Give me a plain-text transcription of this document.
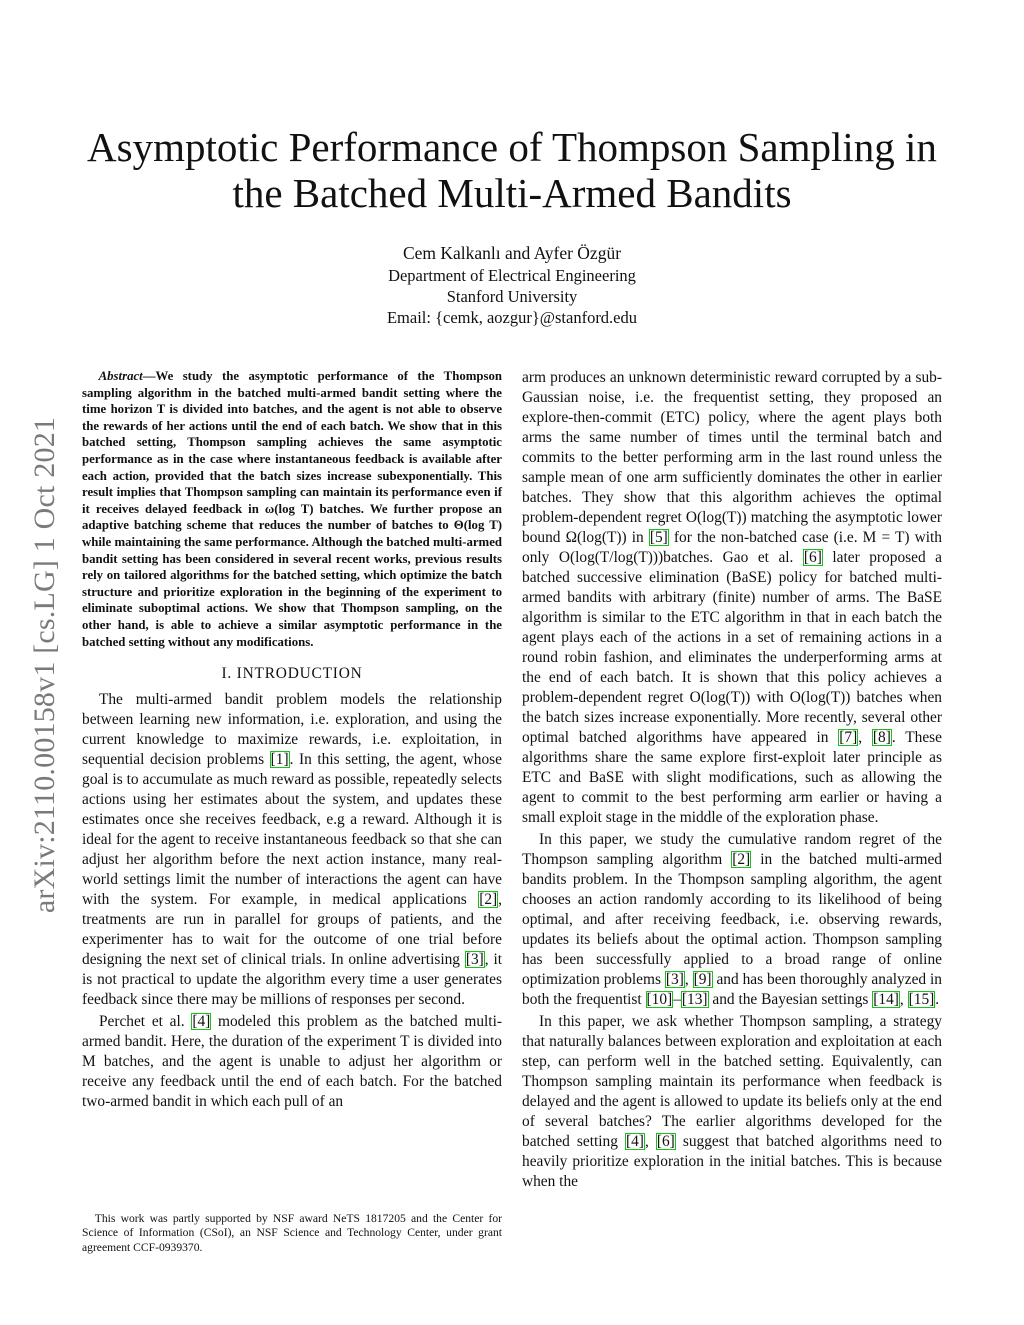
arXiv:2110.00158v1 [cs.LG] 1 Oct 2021
Asymptotic Performance of Thompson Sampling in the Batched Multi-Armed Bandits
Cem Kalkanlı and Ayfer Özgür
Department of Electrical Engineering
Stanford University
Email: {cemk, aozgur}@stanford.edu

Abstract—We study the asymptotic performance of the Thompson sampling algorithm in the batched multi-armed bandit setting where the time horizon T is divided into batches, and the agent is not able to observe the rewards of her actions until the end of each batch. We show that in this batched setting, Thompson sampling achieves the same asymptotic performance as in the case where instantaneous feedback is available after each action, provided that the batch sizes increase subexponentially. This result implies that Thompson sampling can maintain its performance even if it receives delayed feedback in ω(log T) batches. We further propose an adaptive batching scheme that reduces the number of batches to Θ(log T) while maintaining the same performance. Although the batched multi-armed bandit setting has been considered in several recent works, previous results rely on tailored algorithms for the batched setting, which optimize the batch structure and prioritize exploration in the beginning of the experiment to eliminate suboptimal actions. We show that Thompson sampling, on the other hand, is able to achieve a similar asymptotic performance in the batched setting without any modifications.

I. INTRODUCTION

The multi-armed bandit problem models the relationship between learning new information, i.e. exploration, and using the current knowledge to maximize rewards, i.e. exploitation, in sequential decision problems [1]. In this setting, the agent, whose goal is to accumulate as much reward as possible, repeatedly selects actions using her estimates about the system, and updates these estimates once she receives feedback, e.g a reward. Although it is ideal for the agent to receive instantaneous feedback so that she can adjust her algorithm before the next action instance, many real-world settings limit the number of interactions the agent can have with the system. For example, in medical applications [2], treatments are run in parallel for groups of patients, and the experimenter has to wait for the outcome of one trial before designing the next set of clinical trials. In online advertising [3], it is not practical to update the algorithm every time a user generates feedback since there may be millions of responses per second.

Perchet et al. [4] modeled this problem as the batched multi-armed bandit. Here, the duration of the experiment T is divided into M batches, and the agent is unable to adjust her algorithm or receive any feedback until the end of each batch. For the batched two-armed bandit in which each pull of an

arm produces an unknown deterministic reward corrupted by a sub-Gaussian noise, i.e. the frequentist setting, they proposed an explore-then-commit (ETC) policy, where the agent plays both arms the same number of times until the terminal batch and commits to the better performing arm in the last round unless the sample mean of one arm sufficiently dominates the other in earlier batches. They show that this algorithm achieves the optimal problem-dependent regret O(log(T)) matching the asymptotic lower bound Ω(log(T)) in [5] for the non-batched case (i.e. M = T) with only O(log(T/log(T)))batches. Gao et al. [6] later proposed a batched successive elimination (BaSE) policy for batched multi-armed bandits with arbitrary (finite) number of arms. The BaSE algorithm is similar to the ETC algorithm in that in each batch the agent plays each of the actions in a set of remaining actions in a round robin fashion, and eliminates the underperforming arms at the end of each batch. It is shown that this policy achieves a problem-dependent regret O(log(T)) with O(log(T)) batches when the batch sizes increase exponentially. More recently, several other optimal batched algorithms have appeared in [7], [8]. These algorithms share the same explore first-exploit later principle as ETC and BaSE with slight modifications, such as allowing the agent to commit to the best performing arm earlier or having a small exploit stage in the middle of the exploration phase.

In this paper, we study the cumulative random regret of the Thompson sampling algorithm [2] in the batched multi-armed bandits problem. In the Thompson sampling algorithm, the agent chooses an action randomly according to its likelihood of being optimal, and after receiving feedback, i.e. observing rewards, updates its beliefs about the optimal action. Thompson sampling has been successfully applied to a broad range of online optimization problems [3], [9] and has been thoroughly analyzed in both the frequentist [10]–[13] and the Bayesian settings [14], [15].

In this paper, we ask whether Thompson sampling, a strategy that naturally balances between exploration and exploitation at each step, can perform well in the batched setting. Equivalently, can Thompson sampling maintain its performance when feedback is delayed and the agent is allowed to update its beliefs only at the end of several batches? The earlier algorithms developed for the batched setting [4], [6] suggest that batched algorithms need to heavily prioritize exploration in the initial batches. This is because when the

This work was partly supported by NSF award NeTS 1817205 and the Center for Science of Information (CSoI), an NSF Science and Technology Center, under grant agreement CCF-0939370.
